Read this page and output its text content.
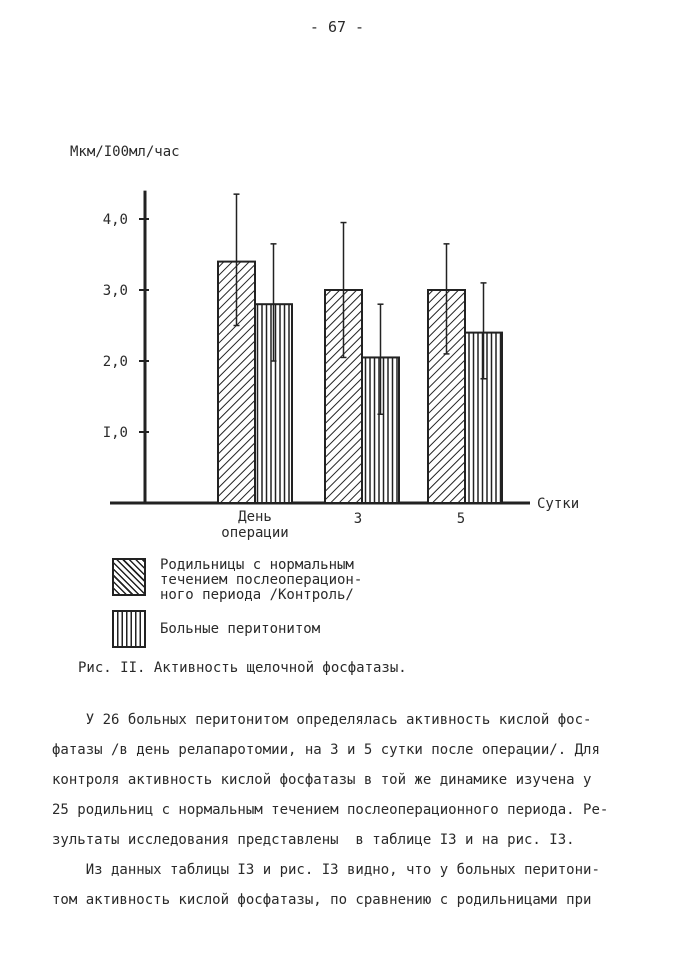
- 67 -
Мкм/I00мл/час
Сутки
I,0
2,0
3,0
4,0
День
операции
3	5
Родильницы с нормальным
течением послеоперацион-
ного периода /Контроль/
Больные перитонитом
Рис. II. Активность щелочной фосфатазы.

У 26 больных перитонитом определялась активность кислой фос-

фатазы /в день релапаротомии, на 3 и 5 сутки после операции/. Для

контроля активность кислой фосфатазы в той же динамике изучена у

25 родильниц с нормальным течением послеоперационного периода. Ре-

зультаты исследования представлены  в таблице I3 и на рис. I3.

Из данных таблицы I3 и рис. I3 видно, что у больных перитони-

том активность кислой фосфатазы, по сравнению с родильницами при
